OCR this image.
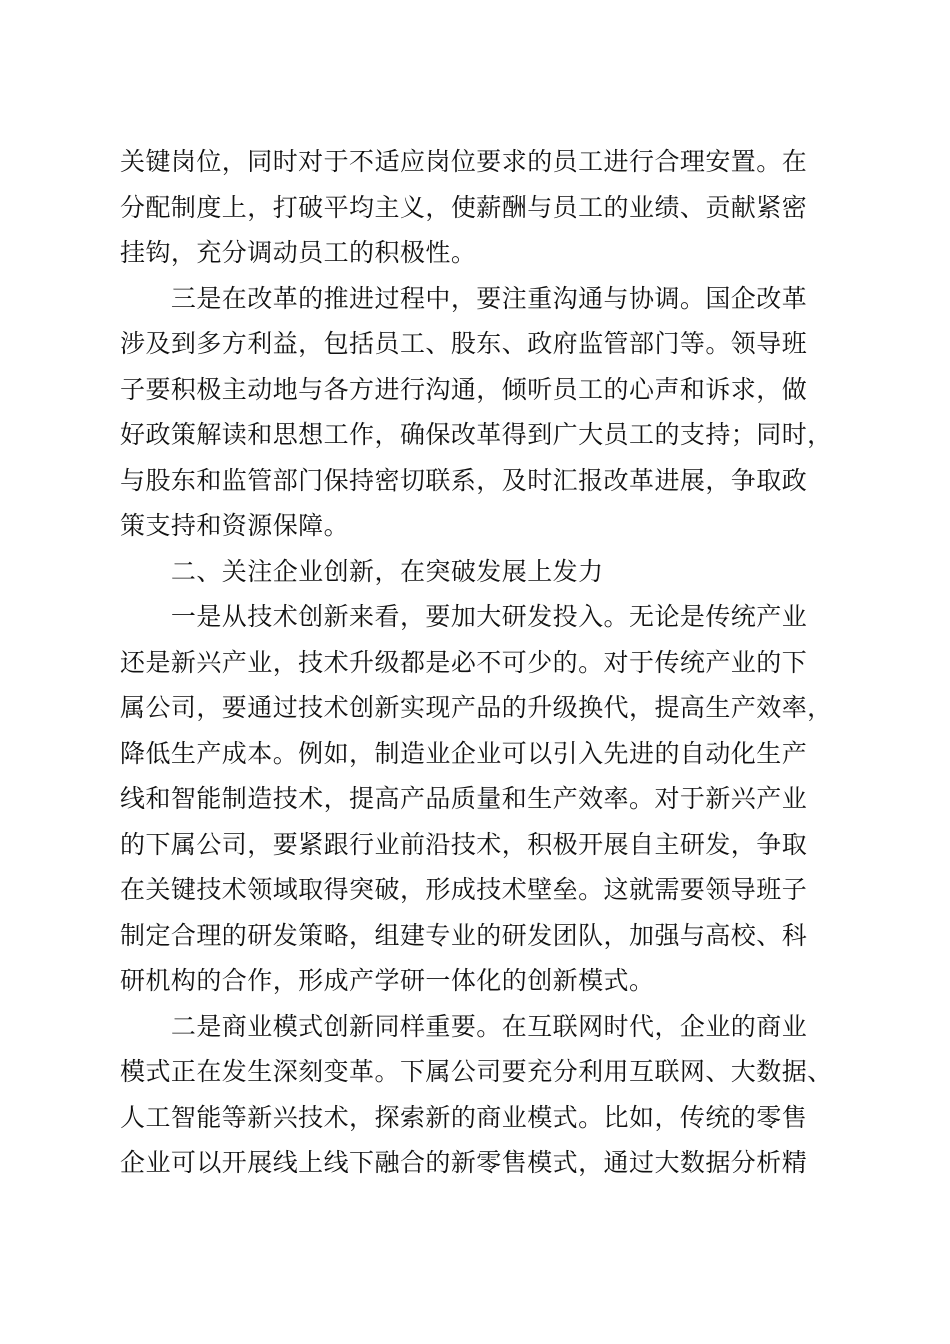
关键岗位，同时对于不适应岗位要求的员工进行合理安置。在
分配制度上，打破平均主义，使薪酬与员工的业绩、贡献紧密
挂钩，充分调动员工的积极性。
　　三是在改革的推进过程中，要注重沟通与协调。国企改革
涉及到多方利益，包括员工、股东、政府监管部门等。领导班
子要积极主动地与各方进行沟通，倾听员工的心声和诉求，做
好政策解读和思想工作，确保改革得到广大员工的支持；同时，
与股东和监管部门保持密切联系，及时汇报改革进展，争取政
策支持和资源保障。
　　二、关注企业创新，在突破发展上发力
　　一是从技术创新来看，要加大研发投入。无论是传统产业
还是新兴产业，技术升级都是必不可少的。对于传统产业的下
属公司，要通过技术创新实现产品的升级换代，提高生产效率，
降低生产成本。例如，制造业企业可以引入先进的自动化生产
线和智能制造技术，提高产品质量和生产效率。对于新兴产业
的下属公司，要紧跟行业前沿技术，积极开展自主研发，争取
在关键技术领域取得突破，形成技术壁垒。这就需要领导班子
制定合理的研发策略，组建专业的研发团队，加强与高校、科
研机构的合作，形成产学研一体化的创新模式。
　　二是商业模式创新同样重要。在互联网时代，企业的商业
模式正在发生深刻变革。下属公司要充分利用互联网、大数据、
人工智能等新兴技术，探索新的商业模式。比如，传统的零售
企业可以开展线上线下融合的新零售模式，通过大数据分析精
